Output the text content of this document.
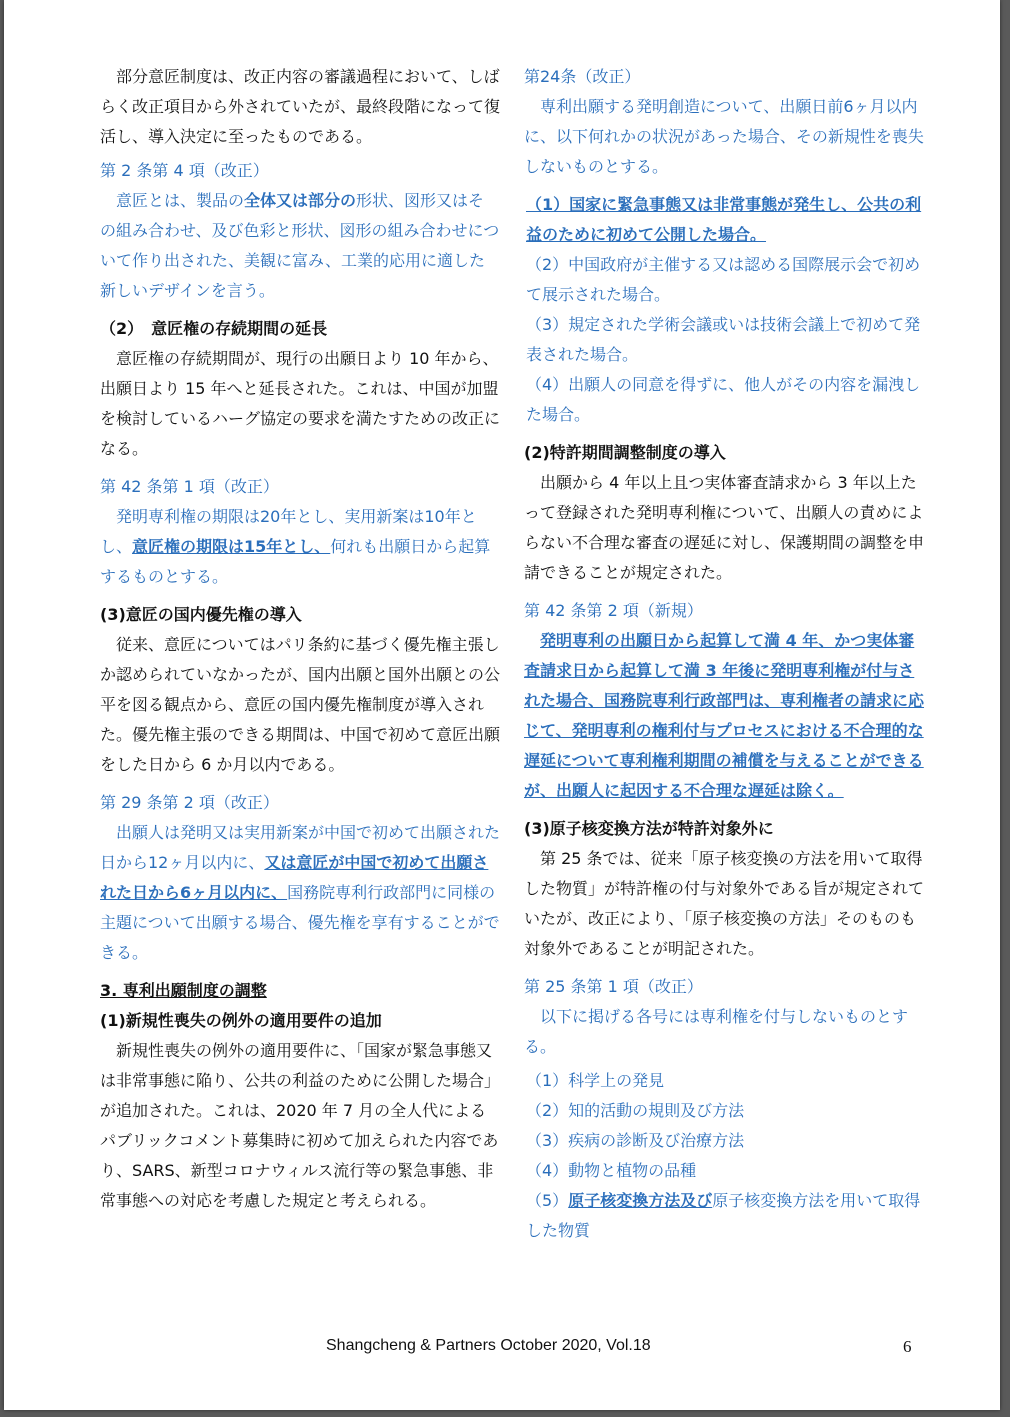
部分意匠制度は、改正内容の審議過程において、しばらく改正項目から外されていたが、最終段階になって復活し、導入決定に至ったものである。

第 2 条第 4 項（改正）

意匠とは、製品の全体又は部分の形状、図形又はその組み合わせ、及び色彩と形状、図形の組み合わせについて作り出された、美観に富み、工業的応用に適した新しいデザインを言う。

（2）　意匠権の存続期間の延長

意匠権の存続期間が、現行の出願日より 10 年から、出願日より 15 年へと延長された。これは、中国が加盟を検討しているハーグ協定の要求を満たすための改正になる。

第 42 条第 1 項（改正）

発明専利権の期限は20年とし、実用新案は10年とし、意匠権の期限は15年とし、何れも出願日から起算するものとする。

(3)意匠の国内優先権の導入

従来、意匠についてはパリ条約に基づく優先権主張しか認められていなかったが、国内出願と国外出願との公平を図る観点から、意匠の国内優先権制度が導入された。優先権主張のできる期間は、中国で初めて意匠出願をした日から 6 か月以内である。

第 29 条第 2 項（改正）

出願人は発明又は実用新案が中国で初めて出願された日から12ヶ月以内に、又は意匠が中国で初めて出願された日から6ヶ月以内に、国務院専利行政部門に同様の主題について出願する場合、優先権を享有することができる。

3. 専利出願制度の調整

(1)新規性喪失の例外の適用要件の追加

新規性喪失の例外の適用要件に、「国家が緊急事態又は非常事態に陥り、公共の利益のために公開した場合」が追加された。これは、2020 年 7 月の全人代によるパブリックコメント募集時に初めて加えられた内容であり、SARS、新型コロナウィルス流行等の緊急事態、非常事態への対応を考慮した規定と考えられる。

第24条（改正）

専利出願する発明創造について、出願日前6ヶ月以内に、以下何れかの状況があった場合、その新規性を喪失しないものとする。

（1）国家に緊急事態又は非常事態が発生し、公共の利益のために初めて公開した場合。

（2）中国政府が主催する又は認める国際展示会で初めて展示された場合。

（3）規定された学術会議或いは技術会議上で初めて発表された場合。

（4）出願人の同意を得ずに、他人がその内容を漏洩した場合。

(2)特許期間調整制度の導入

出願から 4 年以上且つ実体審査請求から 3 年以上たって登録された発明専利権について、出願人の責めによらない不合理な審査の遅延に対し、保護期間の調整を申請できることが規定された。

第 42 条第 2 項（新規）

発明専利の出願日から起算して満 4 年、かつ実体審査請求日から起算して満 3 年後に発明専利権が付与された場合、国務院専利行政部門は、専利権者の請求に応じて、発明専利の権利付与プロセスにおける不合理的な遅延について専利権利期間の補償を与えることができるが、出願人に起因する不合理な遅延は除く。

(3)原子核変換方法が特許対象外に

第 25 条では、従来「原子核変換の方法を用いて取得した物質」が特許権の付与対象外である旨が規定されていたが、改正により、「原子核変換の方法」そのものも対象外であることが明記された。

第 25 条第 1 項（改正）

以下に掲げる各号には専利権を付与しないものとする。

（1）科学上の発見

（2）知的活動の規則及び方法

（3）疾病の診断及び治療方法

（4）動物と植物の品種

（5）原子核変換方法及び原子核変換方法を用いて取得した物質

Shangcheng & Partners October 2020, Vol.18	6
